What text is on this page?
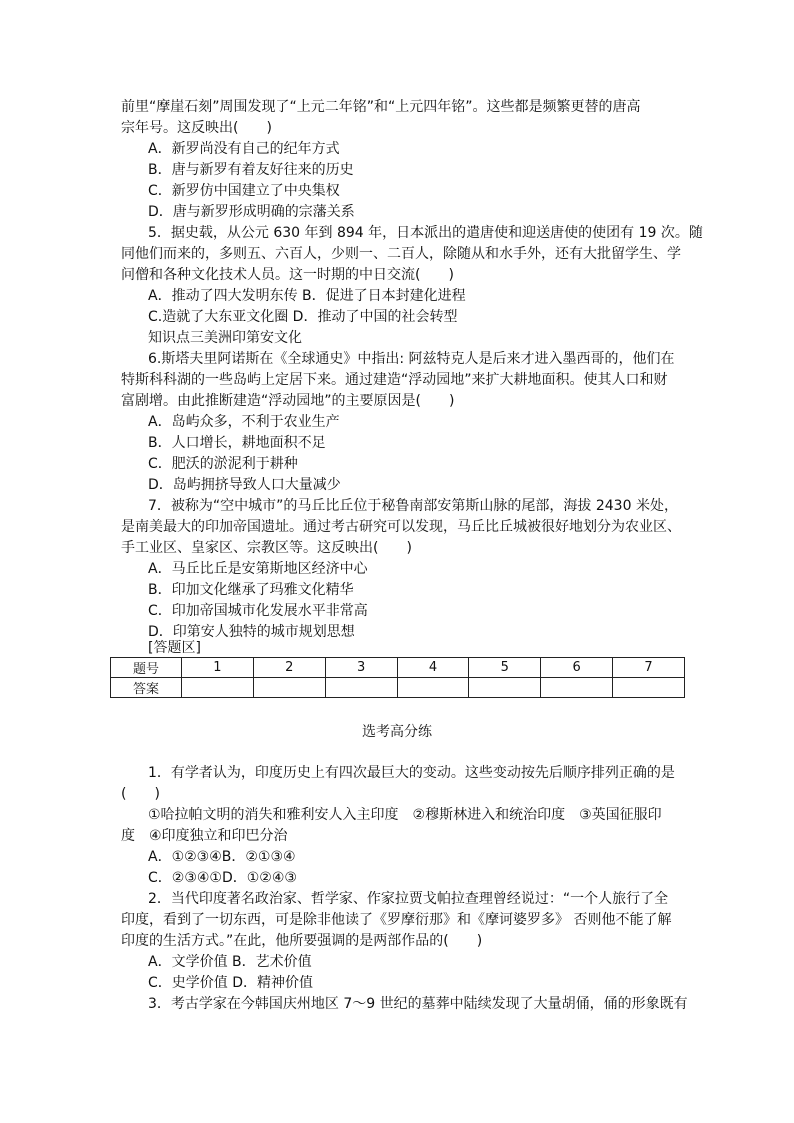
前里“摩崖石刻”周围发现了“上元二年铭”和“上元四年铭”。这些都是频繁更替的唐高
宗年号。这反映出(　　)
A．新罗尚没有自己的纪年方式
B．唐与新罗有着友好往来的历史
C．新罗仿中国建立了中央集权
D．唐与新罗形成明确的宗藩关系
5．据史载，从公元 630 年到 894 年，日本派出的遣唐使和迎送唐使的使团有 19 次。随
同他们而来的，多则五、六百人，少则一、二百人，除随从和水手外，还有大批留学生、学
问僧和各种文化技术人员。这一时期的中日交流(　　)
A．推动了四大发明东传 B．促进了日本封建化进程
C.造就了大东亚文化圈 D．推动了中国的社会转型
知识点三美洲印第安文化
6.斯塔夫里阿诺斯在《全球通史》中指出: 阿兹特克人是后来才进入墨西哥的，他们在
特斯科科湖的一些岛屿上定居下来。通过建造“浮动园地”来扩大耕地面积。使其人口和财
富剧增。由此推断建造“浮动园地”的主要原因是(　　)
A．岛屿众多，不利于农业生产
B．人口增长，耕地面积不足
C．肥沃的淤泥利于耕种
D．岛屿拥挤导致人口大量减少
7．被称为“空中城市”的马丘比丘位于秘鲁南部安第斯山脉的尾部，海拔 2430 米处，
是南美最大的印加帝国遗址。通过考古研究可以发现，马丘比丘城被很好地划分为农业区、
手工业区、皇家区、宗教区等。这反映出(　　)
A．马丘比丘是安第斯地区经济中心
B．印加文化继承了玛雅文化精华
C．印加帝国城市化发展水平非常高
D．印第安人独特的城市规划思想
[答题区]
题号	1	2	3	4	5	6	7
答案							
选考高分练
1．有学者认为，印度历史上有四次最巨大的变动。这些变动按先后顺序排列正确的是
(　　)
①哈拉帕文明的消失和雅利安人入主印度　②穆斯林进入和统治印度　③英国征服印
度　④印度独立和印巴分治
A．①②③④B．②①③④
C．②③④①D．①②④③
2．当代印度著名政治家、哲学家、作家拉贾戈帕拉查理曾经说过：“一个人旅行了全
印度，看到了一切东西，可是除非他读了《罗摩衍那》和《摩诃婆罗多》 否则他不能了解
印度的生活方式。”在此，他所要强调的是两部作品的(　　)
A．文学价值 B．艺术价值
C．史学价值 D．精神价值
3．考古学家在今韩国庆州地区 7～9 世纪的墓葬中陆续发现了大量胡俑，俑的形象既有
